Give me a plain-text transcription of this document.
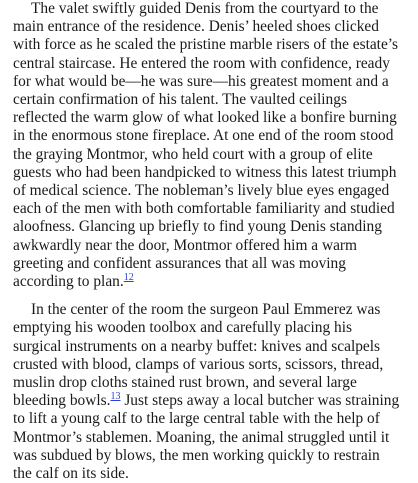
The valet swiftly guided Denis from the courtyard to the
main entrance of the residence. Denis’ heeled shoes clicked
with force as he scaled the pristine marble risers of the estate’s
central staircase. He entered the room with confidence, ready
for what would be—he was sure—his greatest moment and a
certain confirmation of his talent. The vaulted ceilings
reflected the warm glow of what looked like a bonfire burning
in the enormous stone fireplace. At one end of the room stood
the graying Montmor, who held court with a group of elite
guests who had been handpicked to witness this latest triumph
of medical science. The nobleman’s lively blue eyes engaged
each of the men with both comfortable familiarity and studied
aloofness. Glancing up briefly to find young Denis standing
awkwardly near the door, Montmor offered him a warm
greeting and confident assurances that all was moving
according to plan.$^{12}$

In the center of the room the surgeon Paul Emmerez was
emptying his wooden toolbox and carefully placing his
surgical instruments on a nearby buffet: knives and scalpels
crusted with blood, clamps of various sorts, scissors, thread,
muslin drop cloths stained rust brown, and several large
bleeding bowls.$^{13}$ Just steps away a local butcher was straining
to lift a young calf to the large central table with the help of
Montmor’s stablemen. Moaning, the animal struggled until it
was subdued by blows, the men working quickly to restrain
the calf on its side.
